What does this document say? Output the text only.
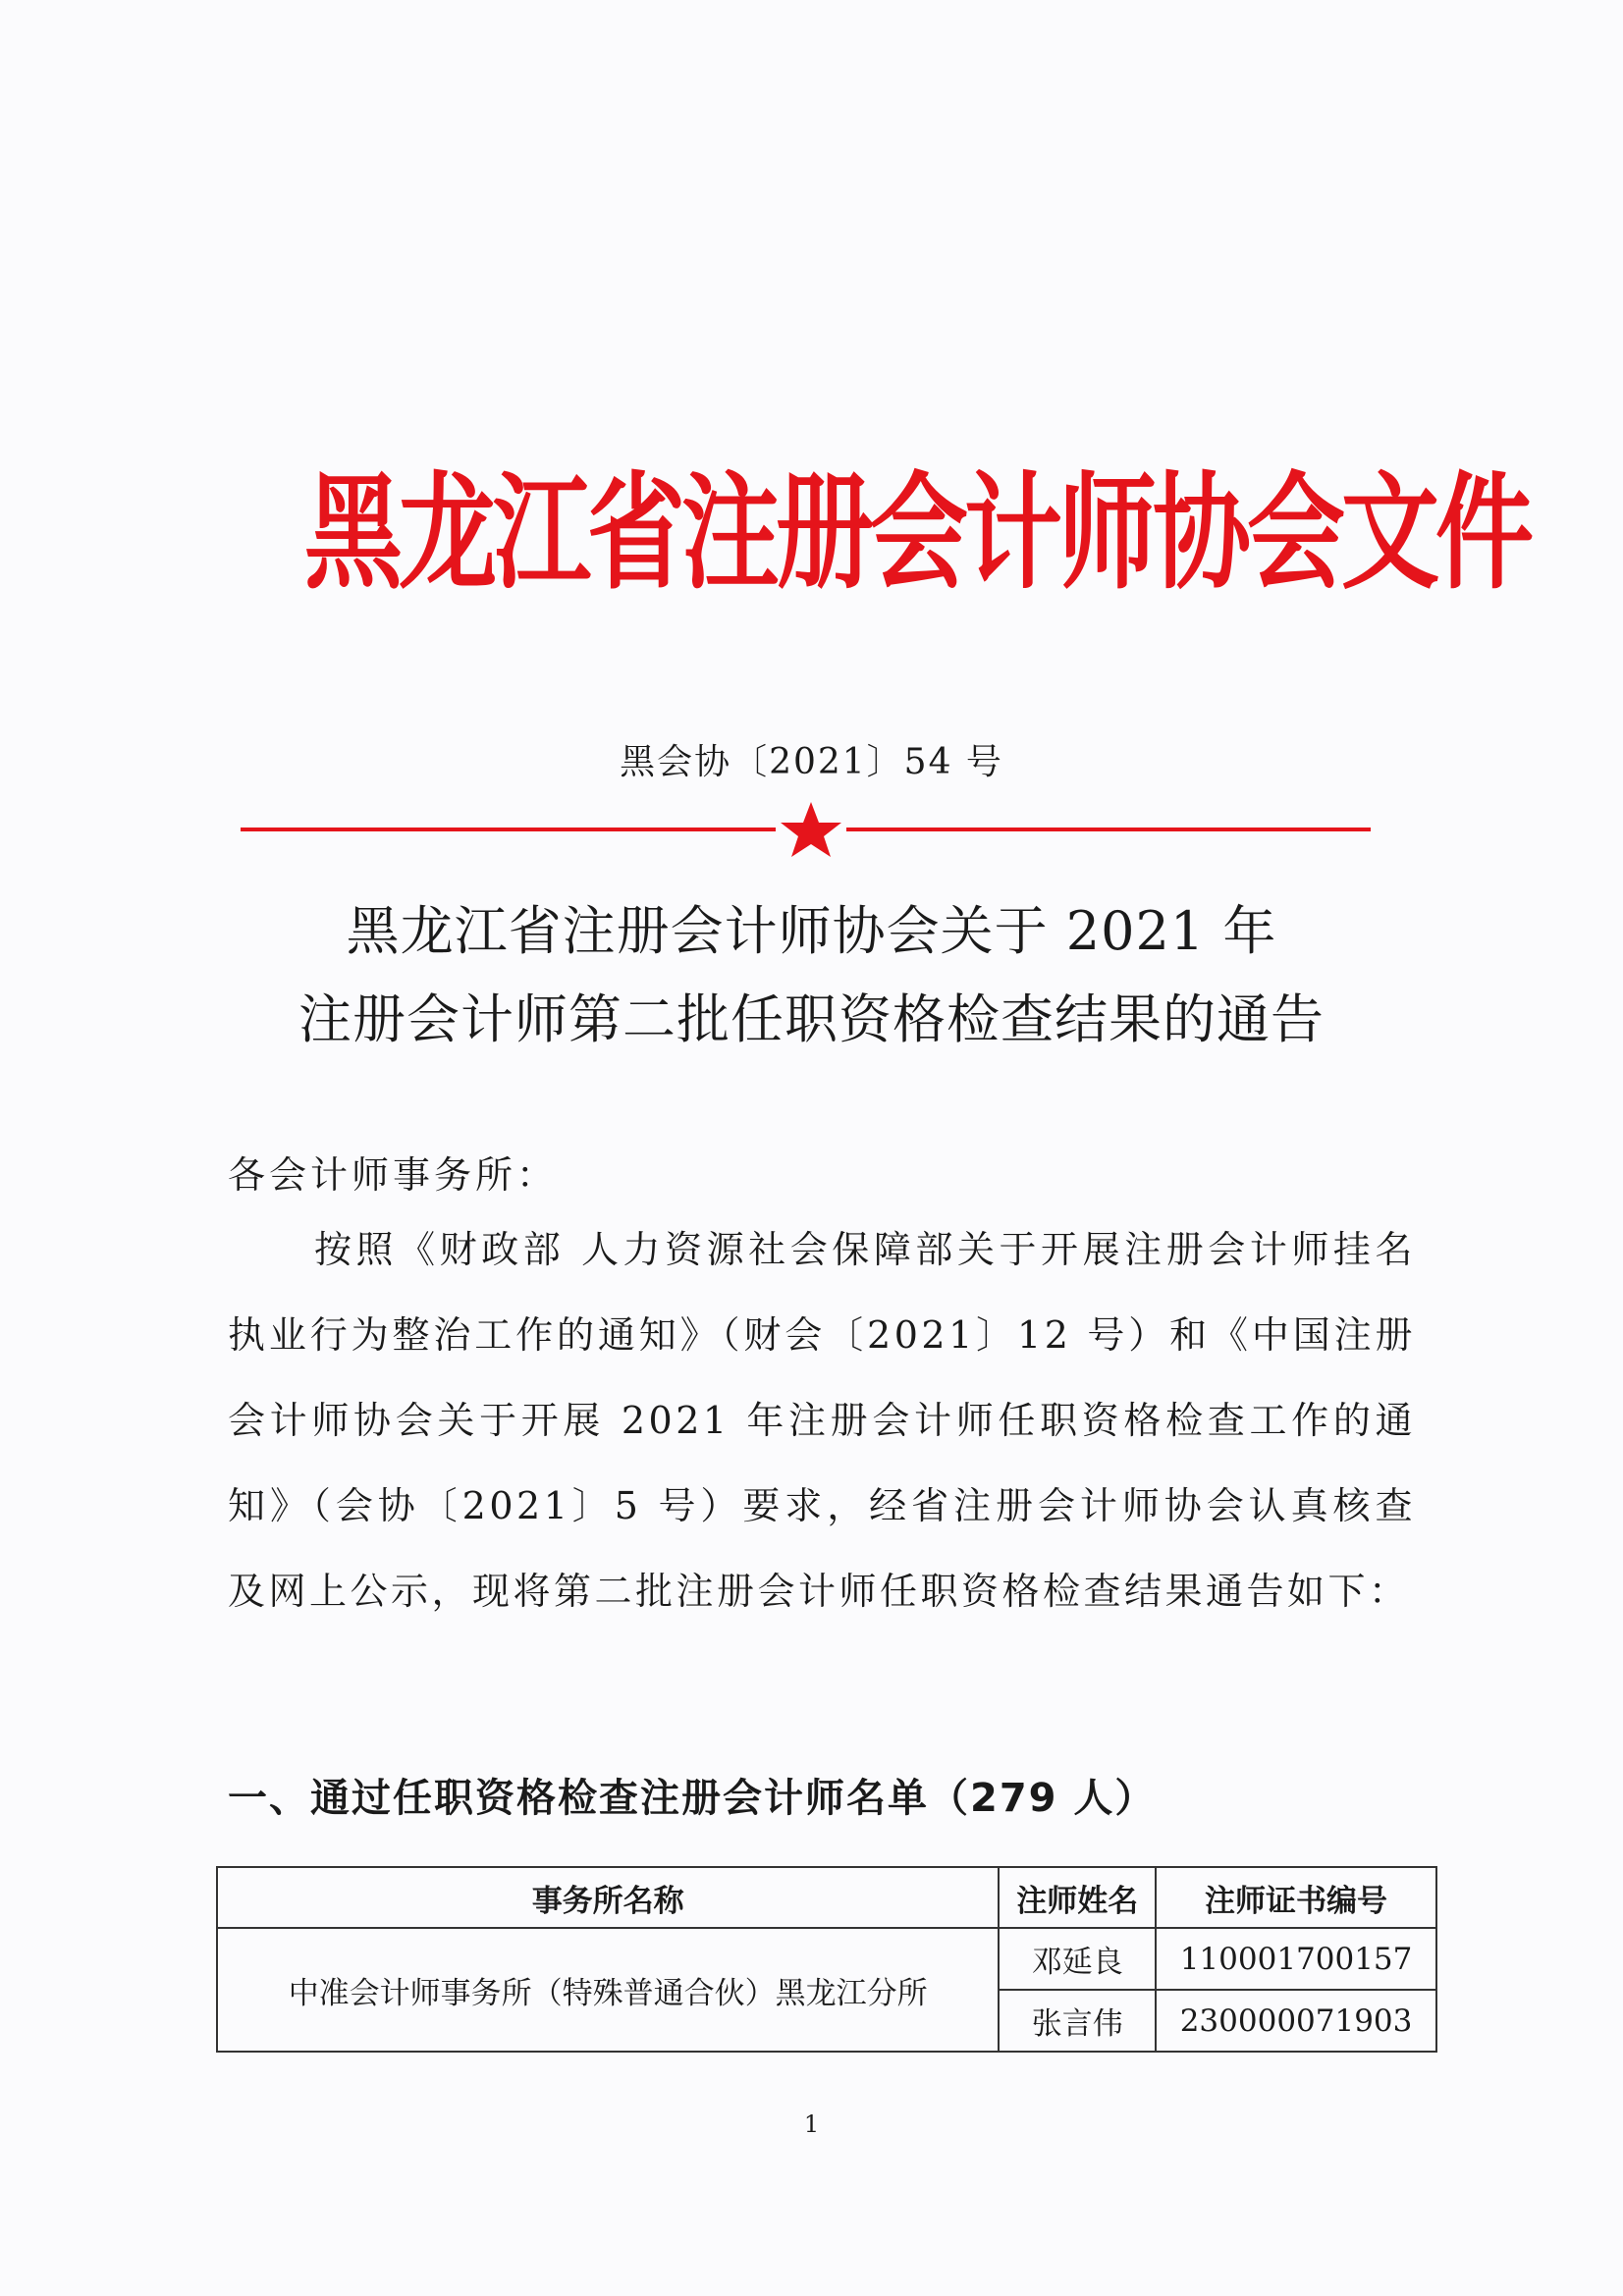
黑龙江省注册会计师协会文件
黑会协〔2021〕54 号
黑龙江省注册会计师协会关于 2021 年
注册会计师第二批任职资格检查结果的通告
各会计师事务所：
按照《财政部 人力资源社会保障部关于开展注册会计师挂名执业行为整治工作的通知》（财会〔2021〕12 号）和《中国注册会计师协会关于开展 2021 年注册会计师任职资格检查工作的通知》（会协〔2021〕5 号）要求，经省注册会计师协会认真核查及网上公示，现将第二批注册会计师任职资格检查结果通告如下：
一、通过任职资格检查注册会计师名单（279 人）
事务所名称	注师姓名	注师证书编号
中准会计师事务所（特殊普通合伙）黑龙江分所	邓延良	110001700157
	张言伟	230000071903
1
